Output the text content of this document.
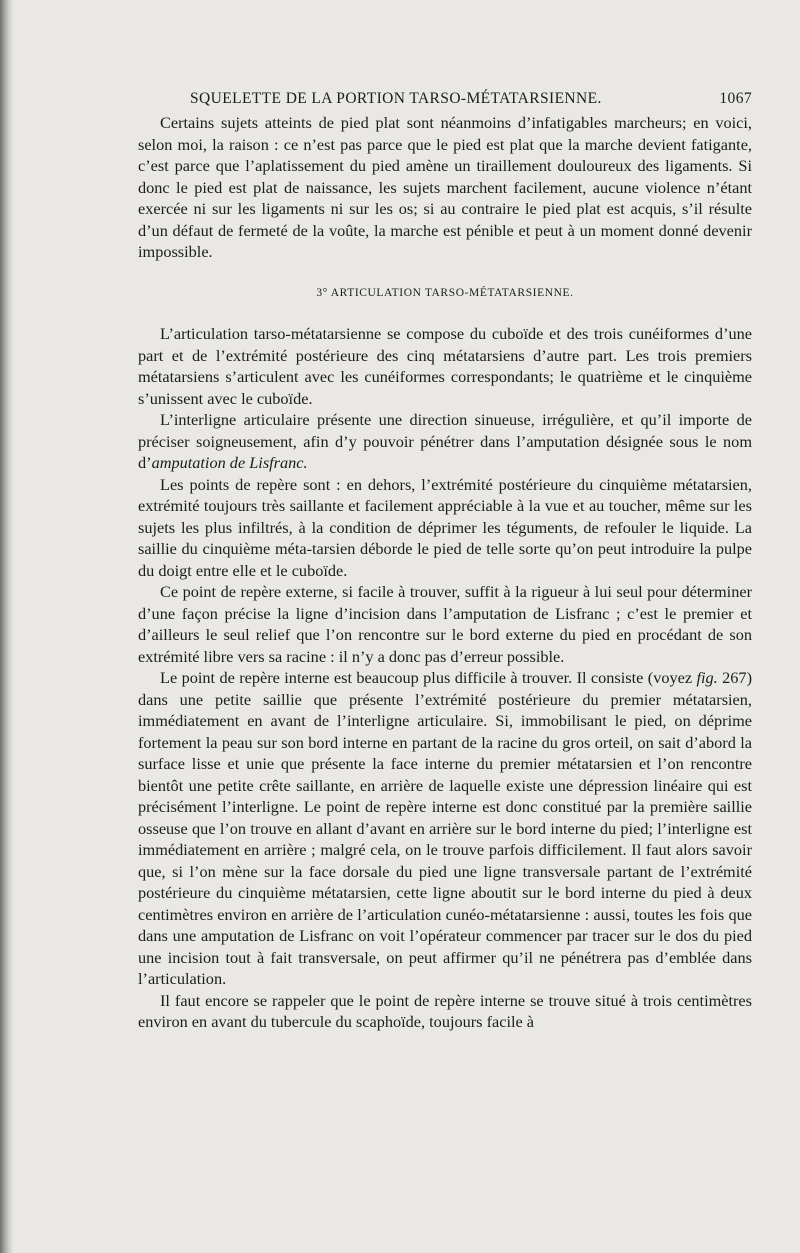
SQUELETTE DE LA PORTION TARSO-MÉTATARSIENNE.	1067

Certains sujets atteints de pied plat sont néanmoins d’infatigables marcheurs; en voici, selon moi, la raison : ce n’est pas parce que le pied est plat que la marche devient fatigante, c’est parce que l’aplatissement du pied amène un tiraillement douloureux des ligaments. Si donc le pied est plat de naissance, les sujets marchent facilement, aucune violence n’étant exercée ni sur les ligaments ni sur les os; si au contraire le pied plat est acquis, s’il résulte d’un défaut de fermeté de la voûte, la marche est pénible et peut à un moment donné devenir impossible.

3° ARTICULATION TARSO-MÉTATARSIENNE.

L’articulation tarso-métatarsienne se compose du cuboïde et des trois cunéiformes d’une part et de l’extrémité postérieure des cinq métatarsiens d’autre part. Les trois premiers métatarsiens s’articulent avec les cunéiformes correspondants; le quatrième et le cinquième s’unissent avec le cuboïde.

L’interligne articulaire présente une direction sinueuse, irrégulière, et qu’il importe de préciser soigneusement, afin d’y pouvoir pénétrer dans l’amputation désignée sous le nom d’amputation de Lisfranc.

Les points de repère sont : en dehors, l’extrémité postérieure du cinquième métatarsien, extrémité toujours très saillante et facilement appréciable à la vue et au toucher, même sur les sujets les plus infiltrés, à la condition de déprimer les téguments, de refouler le liquide. La saillie du cinquième méta-tarsien déborde le pied de telle sorte qu’on peut introduire la pulpe du doigt entre elle et le cuboïde.

Ce point de repère externe, si facile à trouver, suffit à la rigueur à lui seul pour déterminer d’une façon précise la ligne d’incision dans l’amputation de Lisfranc ; c’est le premier et d’ailleurs le seul relief que l’on rencontre sur le bord externe du pied en procédant de son extrémité libre vers sa racine : il n’y a donc pas d’erreur possible.

Le point de repère interne est beaucoup plus difficile à trouver. Il consiste (voyez fig. 267) dans une petite saillie que présente l’extrémité postérieure du premier métatarsien, immédiatement en avant de l’interligne articulaire. Si, immobilisant le pied, on déprime fortement la peau sur son bord interne en partant de la racine du gros orteil, on sait d’abord la surface lisse et unie que présente la face interne du premier métatarsien et l’on rencontre bientôt une petite crête saillante, en arrière de laquelle existe une dépression linéaire qui est précisément l’interligne. Le point de repère interne est donc constitué par la première saillie osseuse que l’on trouve en allant d’avant en arrière sur le bord interne du pied; l’interligne est immédiatement en arrière ; malgré cela, on le trouve parfois difficilement. Il faut alors savoir que, si l’on mène sur la face dorsale du pied une ligne transversale partant de l’extrémité postérieure du cinquième métatarsien, cette ligne aboutit sur le bord interne du pied à deux centimètres environ en arrière de l’articulation cunéo-métatarsienne : aussi, toutes les fois que dans une amputation de Lisfranc on voit l’opérateur commencer par tracer sur le dos du pied une incision tout à fait transversale, on peut affirmer qu’il ne pénétrera pas d’emblée dans l’articulation.

Il faut encore se rappeler que le point de repère interne se trouve situé à trois centimètres environ en avant du tubercule du scaphoïde, toujours facile à
